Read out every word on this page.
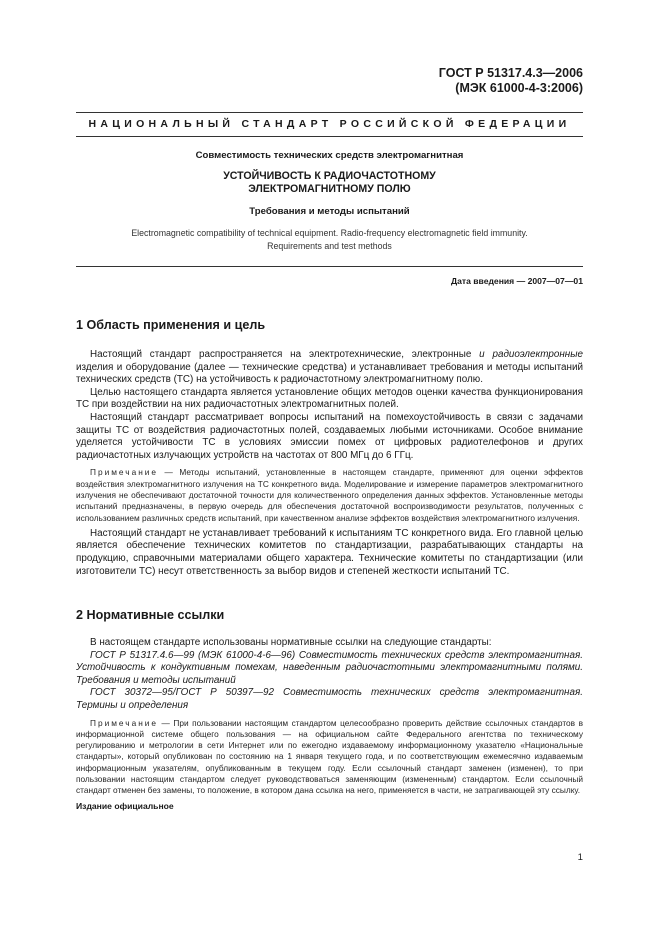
ГОСТ Р 51317.4.3—2006
(МЭК 61000-4-3:2006)
НАЦИОНАЛЬНЫЙ СТАНДАРТ РОССИЙСКОЙ ФЕДЕРАЦИИ
Совместимость технических средств электромагнитная
УСТОЙЧИВОСТЬ К РАДИОЧАСТОТНОМУ
ЭЛЕКТРОМАГНИТНОМУ ПОЛЮ
Требования и методы испытаний
Electromagnetic compatibility of technical equipment. Radio-frequency electromagnetic field immunity.
Requirements and test methods
Дата введения — 2007—07—01
1 Область применения и цель

Настоящий стандарт распространяется на электротехнические, электронные и радиоэлектронные изделия и оборудование (далее — технические средства) и устанавливает требования и методы испытаний технических средств (ТС) на устойчивость к радиочастотному электромагнитному полю.

Целью настоящего стандарта является установление общих методов оценки качества функционирования ТС при воздействии на них радиочастотных электромагнитных полей.

Настоящий стандарт рассматривает вопросы испытаний на помехоустойчивость в связи с задачами защиты ТС от воздействия радиочастотных полей, создаваемых любыми источниками. Особое внимание уделяется устойчивости ТС в условиях эмиссии помех от цифровых радиотелефонов и других радиочастотных излучающих устройств на частотах от 800 МГц до 6 ГГц.

Примечание — Методы испытаний, установленные в настоящем стандарте, применяют для оценки эффектов воздействия электромагнитного излучения на ТС конкретного вида. Моделирование и измерение параметров электромагнитного излучения не обеспечивают достаточной точности для количественного определения данных эффектов. Установленные методы испытаний предназначены, в первую очередь для обеспечения достаточной воспроизводимости результатов, полученных с использованием различных средств испытаний, при качественном анализе эффектов воздействия электромагнитного излучения.

Настоящий стандарт не устанавливает требований к испытаниям ТС конкретного вида. Его главной целью является обеспечение технических комитетов по стандартизации, разрабатывающих стандарты на продукцию, справочными материалами общего характера. Технические комитеты по стандартизации (или изготовители ТС) несут ответственность за выбор видов и степеней жесткости испытаний ТС.

2 Нормативные ссылки

В настоящем стандарте использованы нормативные ссылки на следующие стандарты:

ГОСТ Р 51317.4.6—99 (МЭК 61000-4-6—96) Совместимость технических средств электромагнитная. Устойчивость к кондуктивным помехам, наведенным радиочастотными электромагнитными полями. Требования и методы испытаний

ГОСТ 30372—95/ГОСТ Р 50397—92 Совместимость технических средств электромагнитная. Термины и определения

Примечание — При пользовании настоящим стандартом целесообразно проверить действие ссылочных стандартов в информационной системе общего пользования — на официальном сайте Федерального агентства по техническому регулированию и метрологии в сети Интернет или по ежегодно издаваемому информационному указателю «Национальные стандарты», который опубликован по состоянию на 1 января текущего года, и по соответствующим ежемесячно издаваемым информационным указателям, опубликованным в текущем году. Если ссылочный стандарт заменен (изменен), то при пользовании настоящим стандартом следует руководствоваться заменяющим (измененным) стандартом. Если ссылочный стандарт отменен без замены, то положение, в котором дана ссылка на него, применяется в части, не затрагивающей эту ссылку.

Издание официальное
1
